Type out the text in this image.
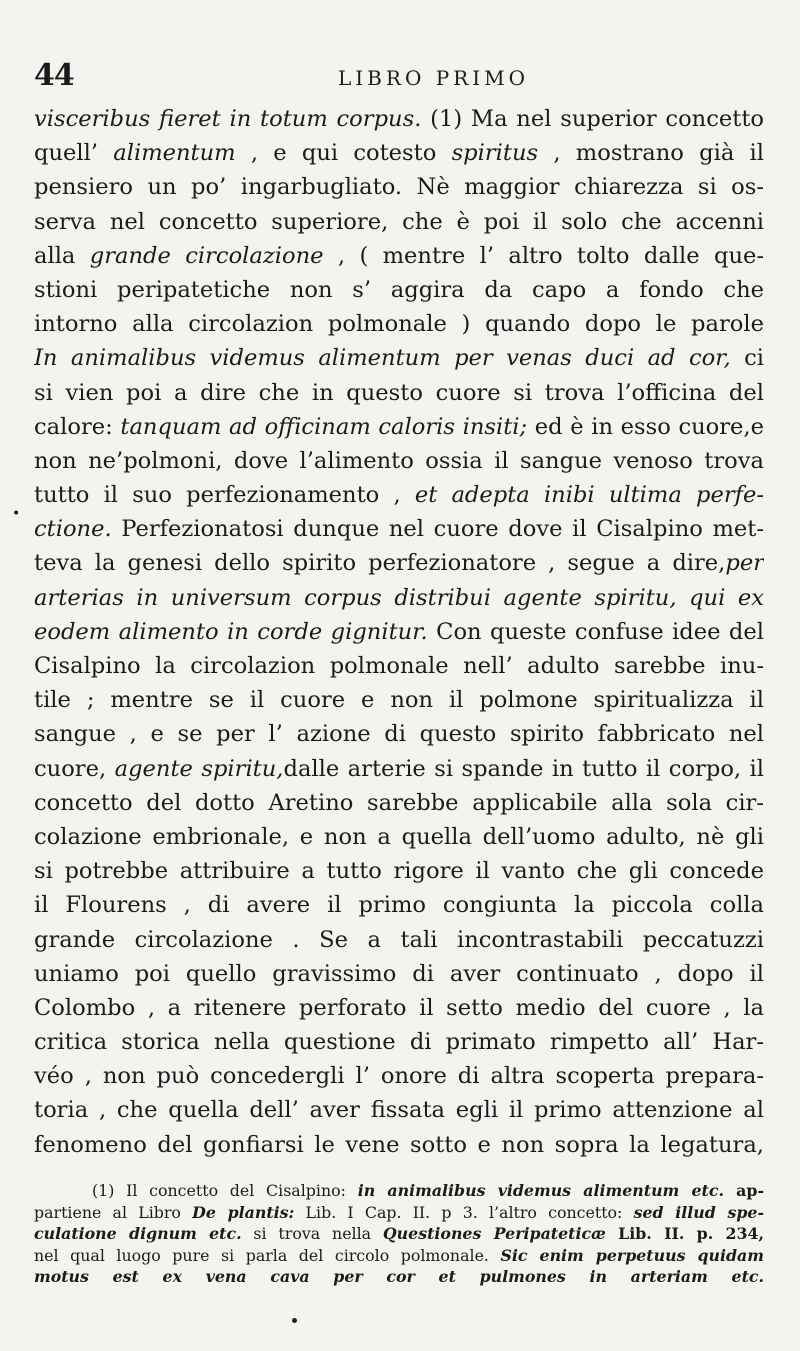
44	LIBRO PRIMO
•
visceribus fieret in totum corpus. (1) Ma nel superior concetto
quell’ alimentum , e qui cotesto spiritus , mostrano già il
pensiero un po’ ingarbugliato. Nè maggior chiarezza si os-
serva nel concetto superiore, che è poi il solo che accenni
alla grande circolazione , ( mentre l’ altro tolto dalle que-
stioni peripatetiche non s’ aggira da capo a fondo che
intorno alla circolazion polmonale ) quando dopo le parole
In animalibus videmus alimentum per venas duci ad cor, ci
si vien poi a dire che in questo cuore si trova l’officina del
calore: tanquam ad officinam caloris insiti; ed è in esso cuore,e
non ne’polmoni, dove l’alimento ossia il sangue venoso trova
tutto il suo perfezionamento , et adepta inibi ultima perfe-
ctione. Perfezionatosi dunque nel cuore dove il Cisalpino met-
teva la genesi dello spirito perfezionatore , segue a dire,per
arterias in universum corpus distribui agente spiritu, qui ex
eodem alimento in corde gignitur. Con queste confuse idee del
Cisalpino la circolazion polmonale nell’ adulto sarebbe inu-
tile ; mentre se il cuore e non il polmone spiritualizza il
sangue , e se per l’ azione di questo spirito fabbricato nel
cuore, agente spiritu,dalle arterie si spande in tutto il corpo, il
concetto del dotto Aretino sarebbe applicabile alla sola cir-
colazione embrionale, e non a quella dell’uomo adulto, nè gli
si potrebbe attribuire a tutto rigore il vanto che gli concede
il Flourens , di avere il primo congiunta la piccola colla
grande circolazione . Se a tali incontrastabili peccatuzzi
uniamo poi quello gravissimo di aver continuato , dopo il
Colombo , a ritenere perforato il setto medio del cuore , la
critica storica nella questione di primato rimpetto all’ Har-
véo , non può concedergli l’ onore di altra scoperta prepara-
toria , che quella dell’ aver fissata egli il primo attenzione al
fenomeno del gonfiarsi le vene sotto e non sopra la legatura,
(1) Il concetto del Cisalpino: in animalibus videmus alimentum etc. ap-
partiene al Libro De plantis: Lib. I Cap. II. p 3. l’altro concetto: sed illud spe-
culatione dignum etc. si trova nella Questiones Peripateticæ Lib. II. p. 234,
nel qual luogo pure si parla del circolo polmonale. Sic enim perpetuus quidam
motus est ex vena cava per cor et pulmones in arteriam etc.
